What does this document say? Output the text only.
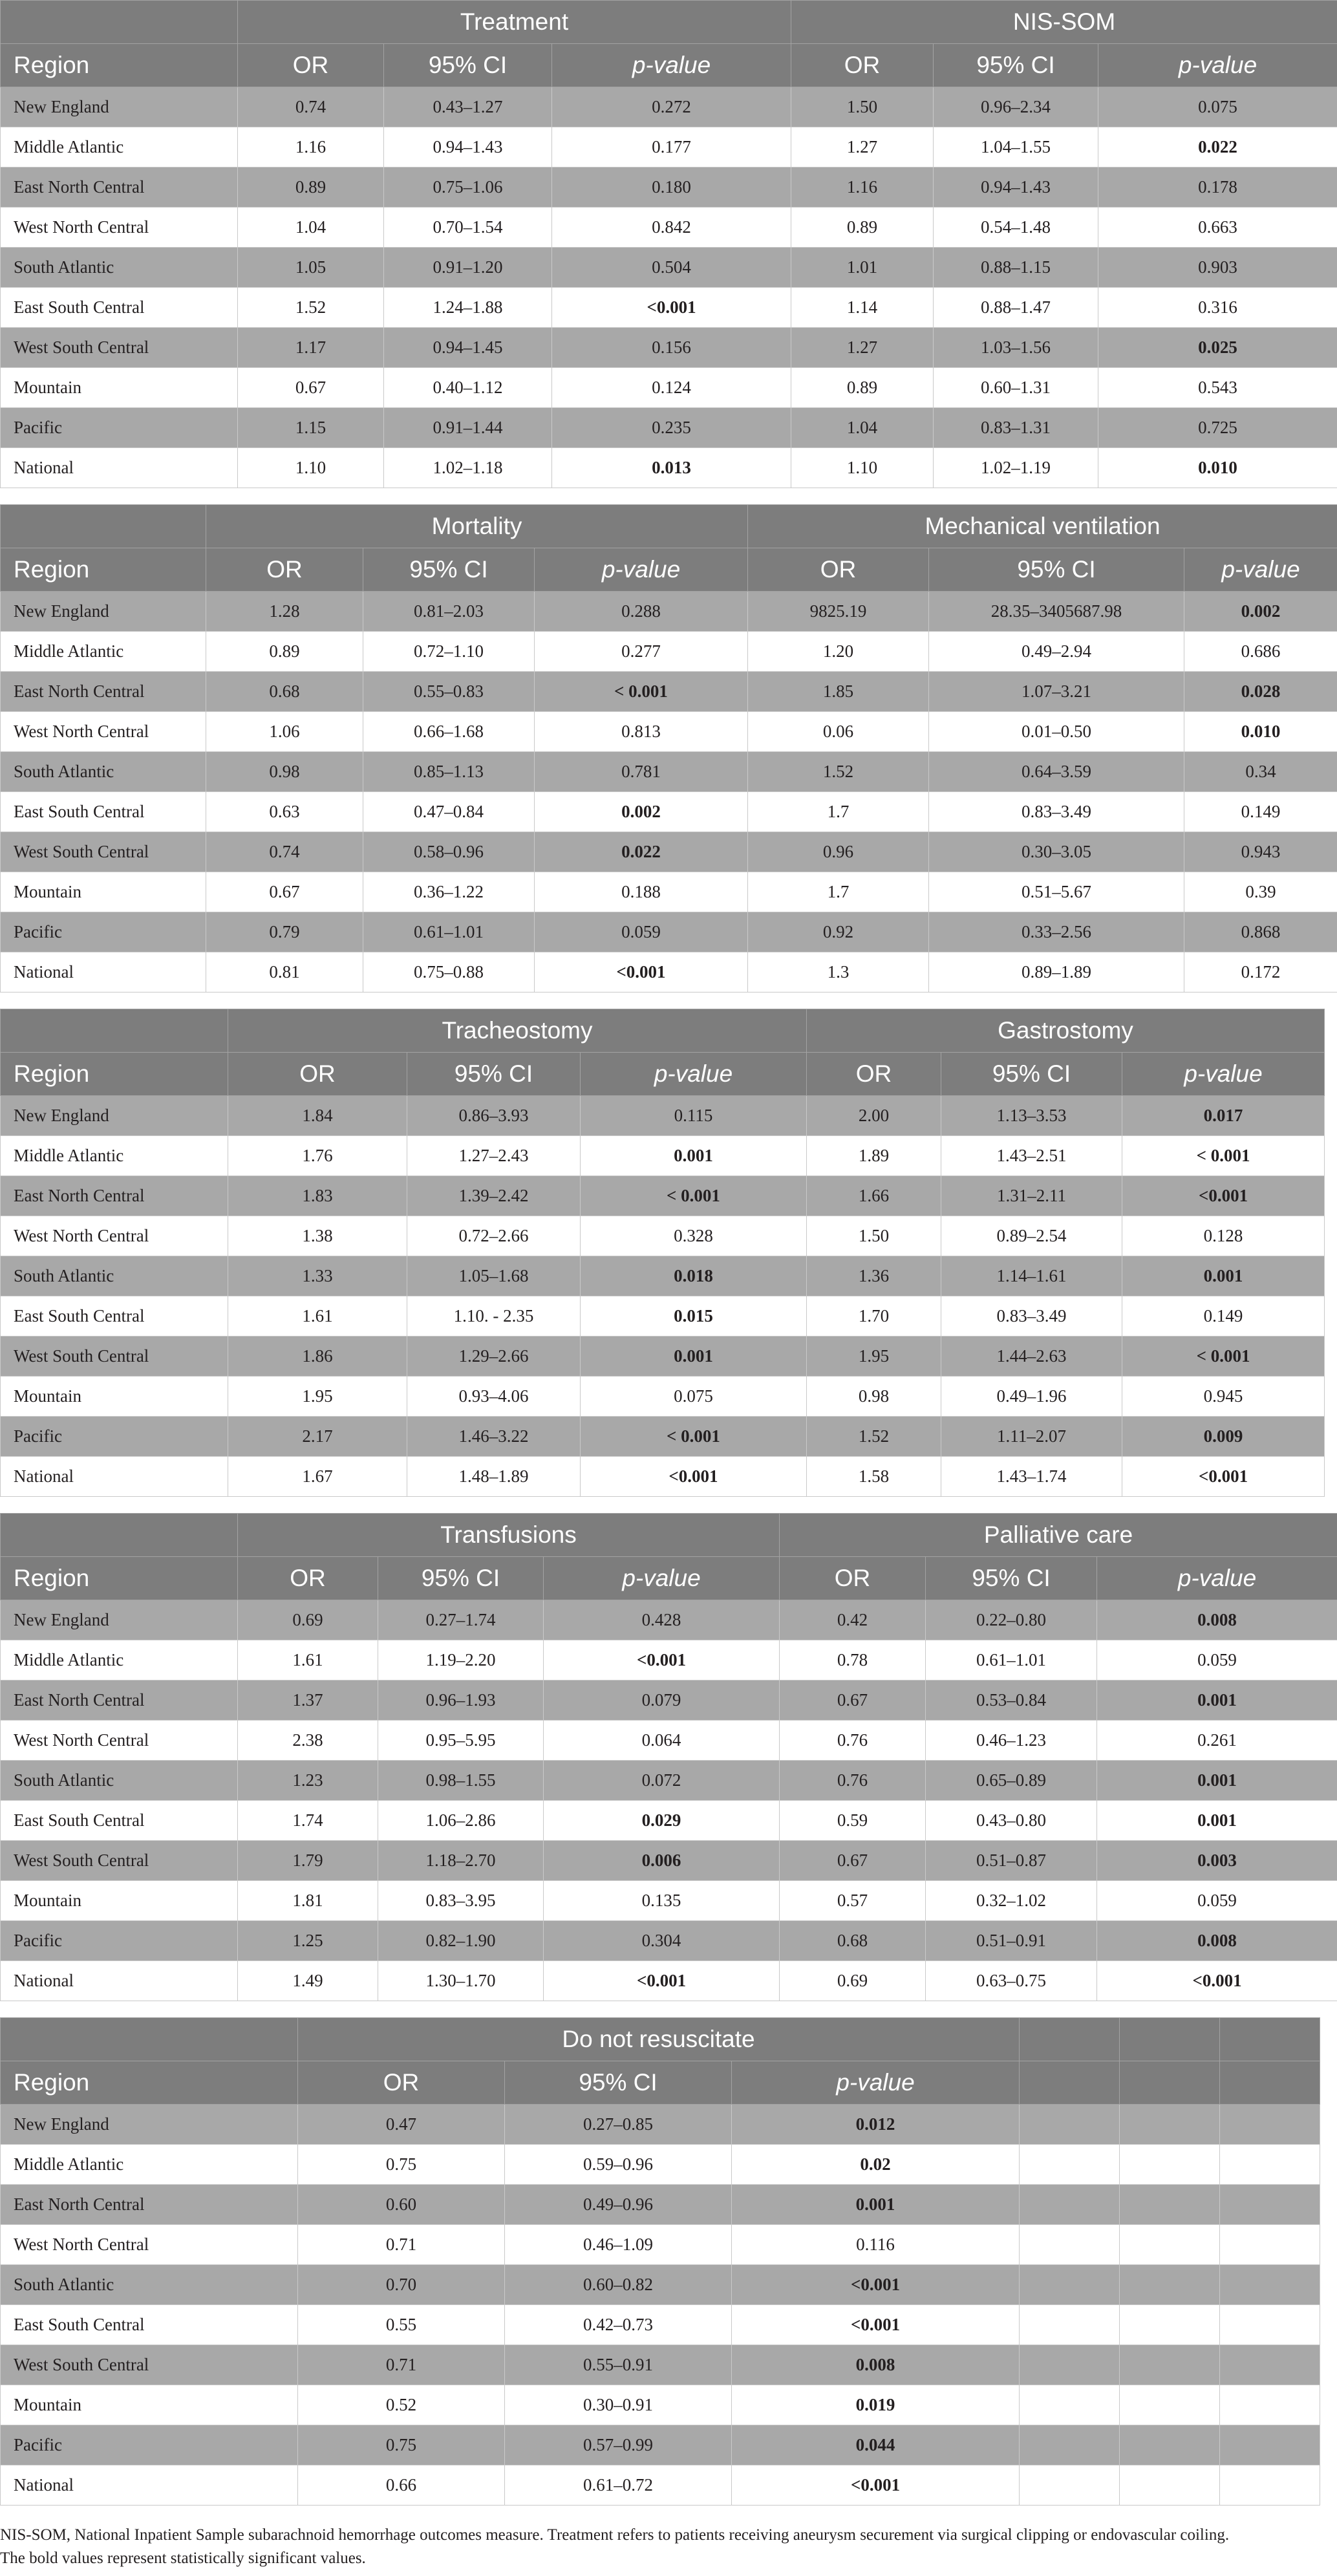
	Treatment			NIS-SOM		
Region	OR	95% CI	p-value	OR	95% CI	p-value
New England	0.74	0.43–1.27	0.272	1.50	0.96–2.34	0.075
Middle Atlantic	1.16	0.94–1.43	0.177	1.27	1.04–1.55	0.022
East North Central	0.89	0.75–1.06	0.180	1.16	0.94–1.43	0.178
West North Central	1.04	0.70–1.54	0.842	0.89	0.54–1.48	0.663
South Atlantic	1.05	0.91–1.20	0.504	1.01	0.88–1.15	0.903
East South Central	1.52	1.24–1.88	<0.001	1.14	0.88–1.47	0.316
West South Central	1.17	0.94–1.45	0.156	1.27	1.03–1.56	0.025
Mountain	0.67	0.40–1.12	0.124	0.89	0.60–1.31	0.543
Pacific	1.15	0.91–1.44	0.235	1.04	0.83–1.31	0.725
National	1.10	1.02–1.18	0.013	1.10	1.02–1.19	0.010
	Mortality			Mechanical ventilation		
Region	OR	95% CI	p-value	OR	95% CI	p-value
New England	1.28	0.81–2.03	0.288	9825.19	28.35–3405687.98	0.002
Middle Atlantic	0.89	0.72–1.10	0.277	1.20	0.49–2.94	0.686
East North Central	0.68	0.55–0.83	< 0.001	1.85	1.07–3.21	0.028
West North Central	1.06	0.66–1.68	0.813	0.06	0.01–0.50	0.010
South Atlantic	0.98	0.85–1.13	0.781	1.52	0.64–3.59	0.34
East South Central	0.63	0.47–0.84	0.002	1.7	0.83–3.49	0.149
West South Central	0.74	0.58–0.96	0.022	0.96	0.30–3.05	0.943
Mountain	0.67	0.36–1.22	0.188	1.7	0.51–5.67	0.39
Pacific	0.79	0.61–1.01	0.059	0.92	0.33–2.56	0.868
National	0.81	0.75–0.88	<0.001	1.3	0.89–1.89	0.172
	Tracheostomy			Gastrostomy		
Region	OR	95% CI	p-value	OR	95% CI	p-value
New England	1.84	0.86–3.93	0.115	2.00	1.13–3.53	0.017
Middle Atlantic	1.76	1.27–2.43	0.001	1.89	1.43–2.51	< 0.001
East North Central	1.83	1.39–2.42	< 0.001	1.66	1.31–2.11	<0.001
West North Central	1.38	0.72–2.66	0.328	1.50	0.89–2.54	0.128
South Atlantic	1.33	1.05–1.68	0.018	1.36	1.14–1.61	0.001
East South Central	1.61	1.10. - 2.35	0.015	1.70	0.83–3.49	0.149
West South Central	1.86	1.29–2.66	0.001	1.95	1.44–2.63	< 0.001
Mountain	1.95	0.93–4.06	0.075	0.98	0.49–1.96	0.945
Pacific	2.17	1.46–3.22	< 0.001	1.52	1.11–2.07	0.009
National	1.67	1.48–1.89	<0.001	1.58	1.43–1.74	<0.001
	Transfusions			Palliative care		
Region	OR	95% CI	p-value	OR	95% CI	p-value
New England	0.69	0.27–1.74	0.428	0.42	0.22–0.80	0.008
Middle Atlantic	1.61	1.19–2.20	<0.001	0.78	0.61–1.01	0.059
East North Central	1.37	0.96–1.93	0.079	0.67	0.53–0.84	0.001
West North Central	2.38	0.95–5.95	0.064	0.76	0.46–1.23	0.261
South Atlantic	1.23	0.98–1.55	0.072	0.76	0.65–0.89	0.001
East South Central	1.74	1.06–2.86	0.029	0.59	0.43–0.80	0.001
West South Central	1.79	1.18–2.70	0.006	0.67	0.51–0.87	0.003
Mountain	1.81	0.83–3.95	0.135	0.57	0.32–1.02	0.059
Pacific	1.25	0.82–1.90	0.304	0.68	0.51–0.91	0.008
National	1.49	1.30–1.70	<0.001	0.69	0.63–0.75	<0.001
	Do not resuscitate					
Region	OR	95% CI	p-value			
New England	0.47	0.27–0.85	0.012			
Middle Atlantic	0.75	0.59–0.96	0.02			
East North Central	0.60	0.49–0.96	0.001			
West North Central	0.71	0.46–1.09	0.116			
South Atlantic	0.70	0.60–0.82	<0.001			
East South Central	0.55	0.42–0.73	<0.001			
West South Central	0.71	0.55–0.91	0.008			
Mountain	0.52	0.30–0.91	0.019			
Pacific	0.75	0.57–0.99	0.044			
National	0.66	0.61–0.72	<0.001			
NIS-SOM, National Inpatient Sample subarachnoid hemorrhage outcomes measure. Treatment refers to patients receiving aneurysm securement via surgical clipping or endovascular coiling.
The bold values represent statistically significant values.
